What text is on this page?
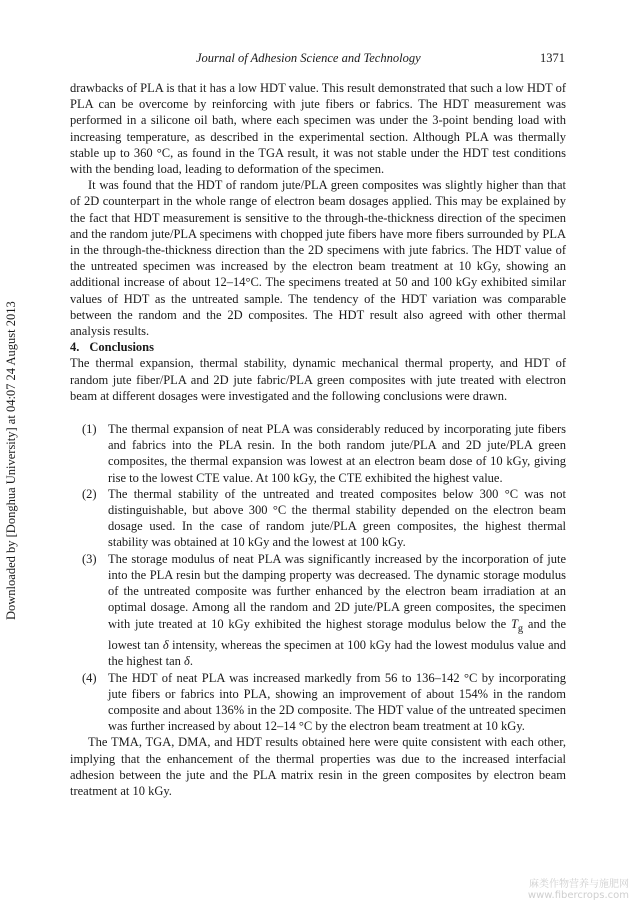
Journal of Adhesion Science and Technology	1371
Downloaded by [Donghua University] at 04:07 24 August 2013

drawbacks of PLA is that it has a low HDT value. This result demonstrated that such a low HDT of PLA can be overcome by reinforcing with jute fibers or fabrics. The HDT measurement was performed in a silicone oil bath, where each specimen was under the 3-point bending load with increasing temperature, as described in the experimental section. Although PLA was thermally stable up to 360 °C, as found in the TGA result, it was not stable under the HDT test conditions with the bending load, leading to deformation of the specimen.

It was found that the HDT of random jute/PLA green composites was slightly higher than that of 2D counterpart in the whole range of electron beam dosages applied. This may be explained by the fact that HDT measurement is sensitive to the through-the-thickness direction of the specimen and the random jute/PLA specimens with chopped jute fibers have more fibers surrounded by PLA in the through-the-thickness direction than the 2D specimens with jute fabrics. The HDT value of the untreated specimen was increased by the electron beam treatment at 10 kGy, showing an additional increase of about 12–14°C. The specimens treated at 50 and 100 kGy exhibited similar values of HDT as the untreated sample. The tendency of the HDT variation was comparable between the random and the 2D composites. The HDT result also agreed with other thermal analysis results.

4. Conclusions

The thermal expansion, thermal stability, dynamic mechanical thermal property, and HDT of random jute fiber/PLA and 2D jute fabric/PLA green composites with jute treated with electron beam at different dosages were investigated and the following conclusions were drawn.

(1) The thermal expansion of neat PLA was considerably reduced by incorporating jute fibers and fabrics into the PLA resin. In the both random jute/PLA and 2D jute/PLA green composites, the thermal expansion was lowest at an electron beam dose of 10 kGy, giving rise to the lowest CTE value. At 100 kGy, the CTE exhibited the highest value.
(2) The thermal stability of the untreated and treated composites below 300 °C was not distinguishable, but above 300 °C the thermal stability depended on the electron beam dosage used. In the case of random jute/PLA green composites, the highest thermal stability was obtained at 10 kGy and the lowest at 100 kGy.
(3) The storage modulus of neat PLA was significantly increased by the incorporation of jute into the PLA resin but the damping property was decreased. The dynamic storage modulus of the untreated composite was further enhanced by the electron beam irradiation at an optimal dosage. Among all the random and 2D jute/PLA green composites, the specimen with jute treated at 10 kGy exhibited the highest storage modulus below the $T_g$ and the lowest tan δ intensity, whereas the specimen at 100 kGy had the lowest modulus value and the highest tan δ.
(4) The HDT of neat PLA was increased markedly from 56 to 136–142 °C by incorporating jute fibers or fabrics into PLA, showing an improvement of about 154% in the random composite and about 136% in the 2D composite. The HDT value of the untreated specimen was further increased by about 12–14 °C by the electron beam treatment at 10 kGy.

The TMA, TGA, DMA, and HDT results obtained here were quite consistent with each other, implying that the enhancement of the thermal properties was due to the increased interfacial adhesion between the jute and the PLA matrix resin in the green composites by electron beam treatment at 10 kGy.

麻类作物营养与施肥网
www.fibercrops.com
